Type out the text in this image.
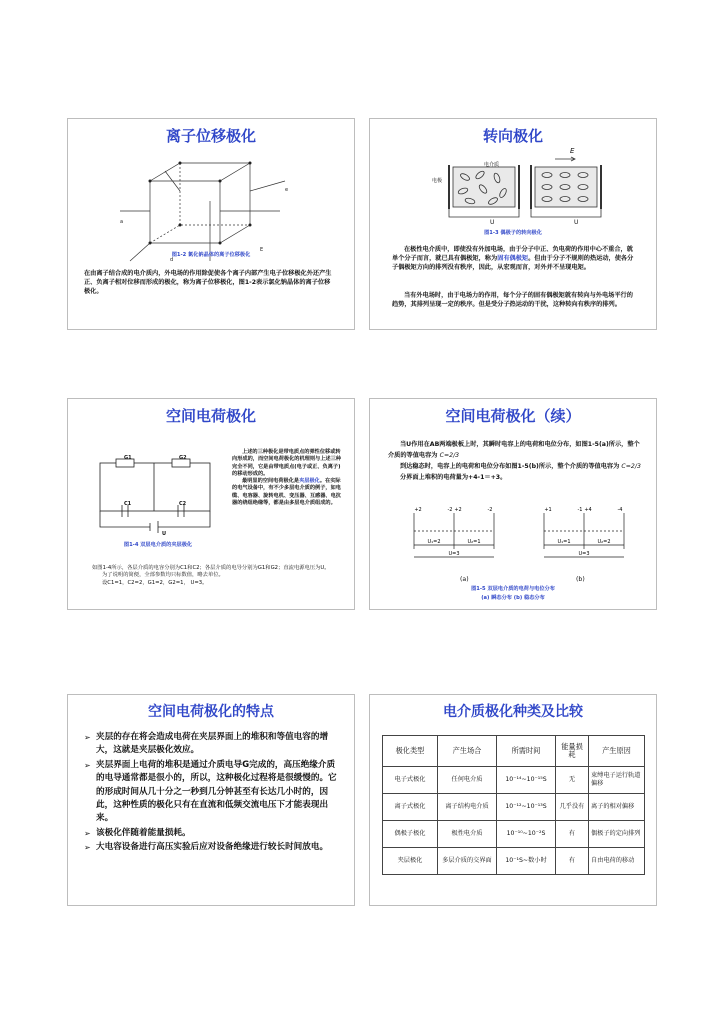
离子位移极化
a
e
E
d
图1-2 氯化钠晶体的离子位移极化
在由离子结合成的电介质内，外电场的作用除促使各个离子内部产生电子位移极化外还产生正、负离子相对位移而形成的极化，称为离子位移极化，图1-2表示氯化钠晶体的离子位移极化。
转向极化
电介质
电极
E
U	U
图1-3 偶极子的转向极化
在极性电介质中，即使没有外加电场，由于分子中正、负电荷的作用中心不重合，就单个分子而言，就已具有偶极矩，称为固有偶极矩。但由于分子不规则的热运动，使各分子偶极矩方向的排列没有秩序，因此，从宏观而言，对外并不呈现电矩。
当有外电场时，由于电场力的作用，每个分子的固有偶极矩就有转向与外电场平行的趋势，其排列呈现一定的秩序。但是受分子热运动的干扰，这种转向有秩序的排列。
空间电荷极化
G1	G2
C1	C2
U
图1-4 双层电介质的夹层极化
上述的三种极化是带电质点的弹性位移或转向形成的，而空间电荷极化的机理则与上述三种完全不同，它是由带电质点(电子或正、负离子)的移动形成的。
最明显的空间电荷极化是夹层极化。在实际的电气设备中，有不少多层电介质的例子，如电缆、电容器、旋转电机、变压器、互感器、电抗器的绕组绝缘等，都是由多层电介质组成的。
如图1-4所示，各层介质的电容分别为C1和C2；各层介质的电导分别为G1和G2；直流电源电压为U。
为了说明的简便，全部参数均只标数值，略去单位。
设C1=1，C2=2，G1=2，G2=1， U=3。
空间电荷极化（续）
当U作用在AB两端极板上时，其瞬时电容上的电荷和电位分布，如图1-5(a)所示，整个介质的等值电容为 C=2/3
到达稳态时，电容上的电荷和电位分布如图1-5(b)所示，整个介质的等值电容为 C=2/3
分界面上堆积的电荷量为+4-1＝+3。
+2	-2 +2	-2	+1	-1 +4	-4
U₁=2	U₂=1
U=3
U₁=1	U₂=2
U=3
(a)	(b)
图1-5 双层电介质的电荷与电位分布
(a) 瞬态分布 (b) 稳态分布
空间电荷极化的特点
➢ 夹层的存在将会造成电荷在夹层界面上的堆积和等值电容的增大，这就是夹层极化效应。
➢ 夹层界面上电荷的堆积是通过介质电导G完成的，高压绝缘介质的电导通常都是很小的，所以，这种极化过程将是很缓慢的。它的形成时间从几十分之一秒到几分钟甚至有长达几小时的，因此，这种性质的极化只有在直流和低频交流电压下才能表现出来。
➢ 该极化伴随着能量损耗。
➢ 大电容设备进行高压实验后应对设备绝缘进行较长时间放电。
电介质极化种类及比较
极化类型	产生场合	所需时间	能量损耗	产生原因
电子式极化	任何电介质	10⁻¹⁴~10⁻¹⁵S	无	束缚电子运行轨道偏移
离子式极化	离子结构电介质	10⁻¹²~10⁻¹³S	几乎没有	离子的相对偏移
偶极子极化	极性电介质	10⁻¹⁰~10⁻²S	有	偶极子的定向排列
夹层极化	多层介质的交界面	10⁻¹S~数小时	有	自由电荷的移动
